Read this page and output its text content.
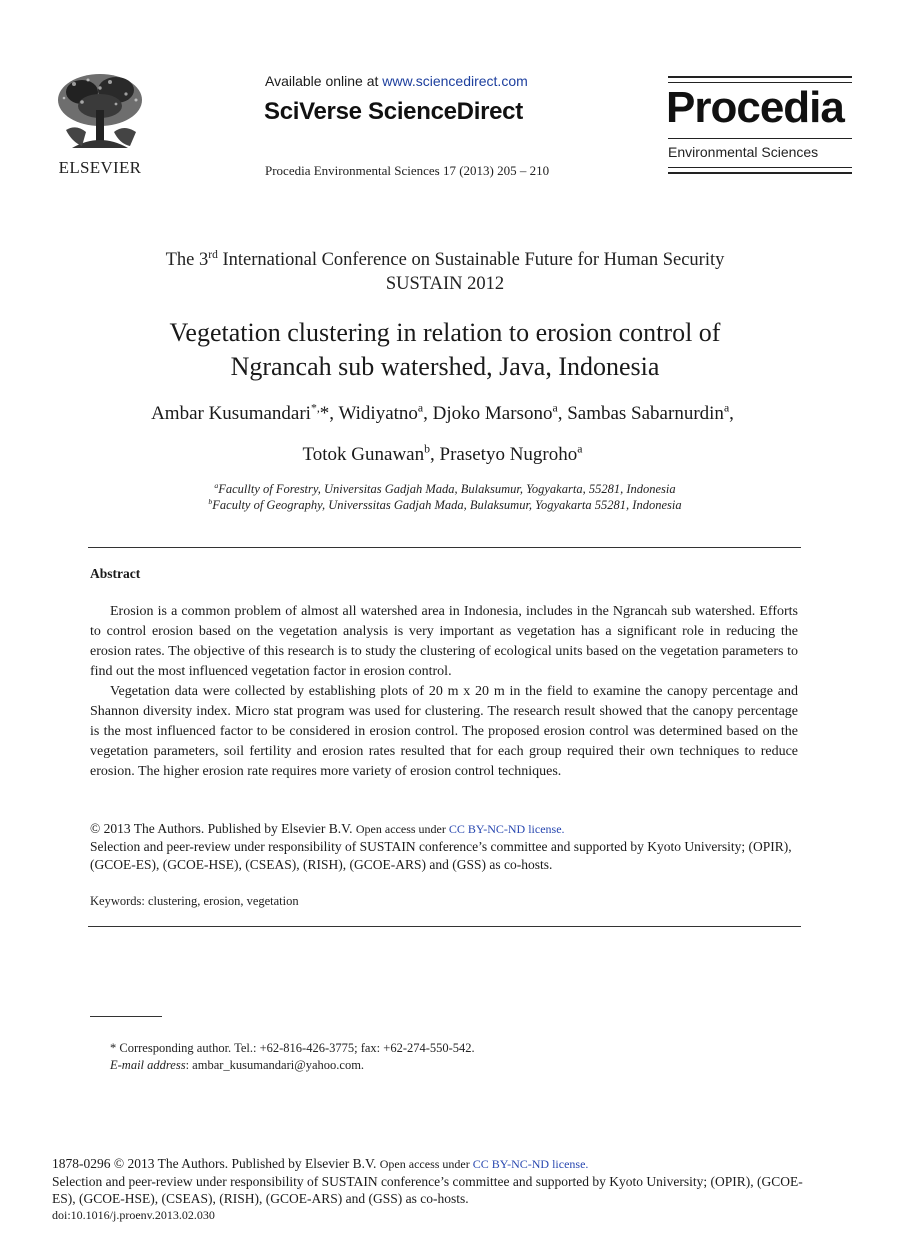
ELSEVIER
Available online at www.sciencedirect.com
SciVerse ScienceDirect
Procedia Environmental Sciences 17 (2013) 205 – 210
Procedia
Environmental Sciences
The 3rd International Conference on Sustainable Future for Human Security
SUSTAIN 2012
Vegetation clustering in relation to erosion control of
Ngrancah sub watershed, Java, Indonesia
Ambar Kusumandari*,*, Widiyatno$^a$, Djoko Marsono$^a$, Sambas Sabarnurdin$^a$,
Totok Gunawan$^b$, Prasetyo Nugroho$^a$
$^a$Facullty of Forestry, Universitas Gadjah Mada, Bulaksumur, Yogyakarta, 55281, Indonesia
$^b$Faculty of Geography, Universsitas Gadjah Mada, Bulaksumur, Yogyakarta 55281, Indonesia
Abstract

Erosion is a common problem of almost all watershed area in Indonesia, includes in the Ngrancah sub watershed. Efforts to control erosion based on the vegetation analysis is very important as vegetation has a significant role in reducing the erosion rates. The objective of this research is to study the clustering of ecological units based on the vegetation parameters to find out the most influenced vegetation factor in erosion control.

Vegetation data were collected by establishing plots of 20 m x 20 m in the field to examine the canopy percentage and Shannon diversity index. Micro stat program was used for clustering. The research result showed that the canopy percentage is the most influenced factor to be considered in erosion control. The proposed erosion control was determined based on the vegetation parameters, soil fertility and erosion rates resulted that for each group required their own techniques to reduce erosion. The higher erosion rate requires more variety of erosion control techniques.

© 2013 The Authors. Published by Elsevier B.V. Open access under CC BY-NC-ND license.
Selection and peer-review under responsibility of SUSTAIN conference’s committee and supported by Kyoto University; (OPIR), (GCOE-ES), (GCOE-HSE), (CSEAS), (RISH), (GCOE-ARS) and (GSS) as co-hosts.
Keywords: clustering, erosion, vegetation
* Corresponding author. Tel.: +62-816-426-3775; fax: +62-274-550-542.
E-mail address: ambar_kusumandari@yahoo.com.
1878-0296 © 2013 The Authors. Published by Elsevier B.V. Open access under CC BY-NC-ND license.
Selection and peer-review under responsibility of SUSTAIN conference’s committee and supported by Kyoto University; (OPIR), (GCOE-ES), (GCOE-HSE), (CSEAS), (RISH), (GCOE-ARS) and (GSS) as co-hosts.
doi:10.1016/j.proenv.2013.02.030
